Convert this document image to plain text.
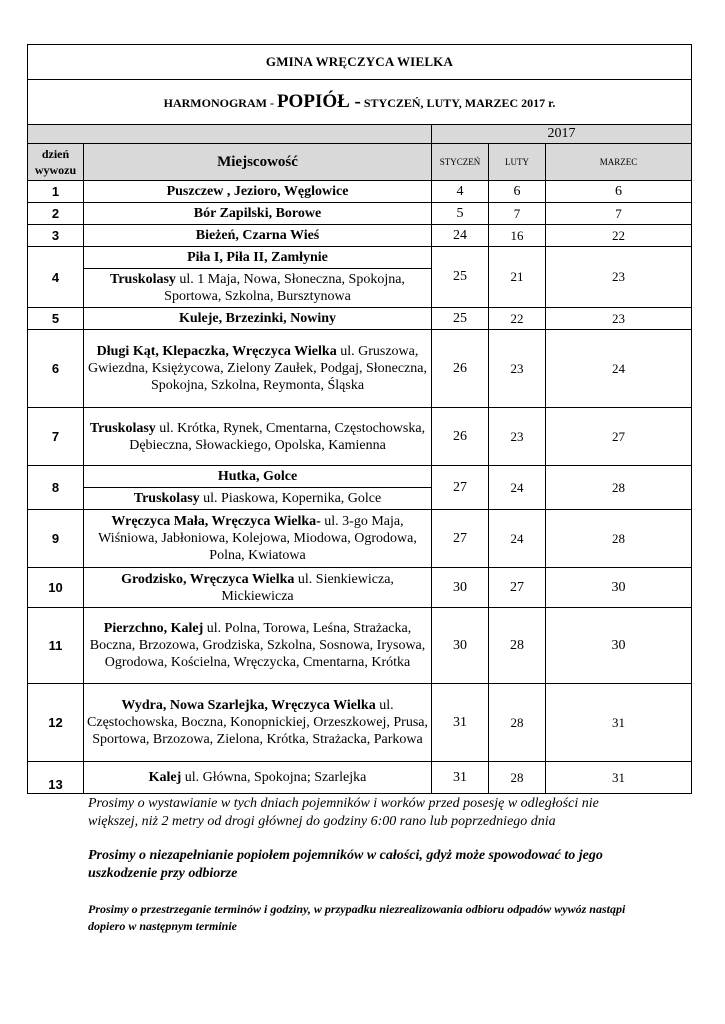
GMINA WRĘCZYCA WIELKA				
HARMONOGRAM - POPIÓŁ - STYCZEŃ, LUTY, MARZEC 2017 r.				
		2017		

dzień
wywozu	Miejscowość	STYCZEŃ	LUTY	MARZEC
1	Puszczew , Jezioro, Węglowice	4	6	6
2	Bór Zapilski, Borowe	5	7	7
3	Bieżeń, Czarna Wieś	24	16	22
4	Piła I, Piła II, Zamłynie	25	21	23
	Truskolasy ul. 1 Maja, Nowa, Słoneczna, Spokojna, Sportowa, Szkolna, Bursztynowa			
5	Kuleje, Brzezinki, Nowiny	25	22	23
6	Długi Kąt, Klepaczka, Wręczyca Wielka ul. Gruszowa, Gwiezdna, Księżycowa, Zielony Zaułek, Podgaj, Słoneczna, Spokojna, Szkolna, Reymonta, Śląska	26	23	24
7	Truskolasy ul. Krótka, Rynek, Cmentarna, Częstochowska, Dębieczna, Słowackiego, Opolska, Kamienna	26	23	27
8	Hutka, Golce	27	24	28
	Truskolasy ul. Piaskowa, Kopernika, Golce			
9	Wręczyca Mała, Wręczyca Wielka- ul. 3-go Maja, Wiśniowa, Jabłoniowa, Kolejowa, Miodowa, Ogrodowa, Polna, Kwiatowa	27	24	28
10	Grodzisko, Wręczyca Wielka ul. Sienkiewicza, Mickiewicza	30	27	30
11	Pierzchno, Kalej ul. Polna, Torowa, Leśna, Strażacka, Boczna, Brzozowa, Grodziska, Szkolna, Sosnowa, Irysowa, Ogrodowa, Kościelna, Wręczycka, Cmentarna, Krótka	30	28	30
12	Wydra, Nowa Szarlejka, Wręczyca Wielka ul. Częstochowska, Boczna, Konopnickiej, Orzeszkowej, Prusa, Sportowa, Brzozowa, Zielona, Krótka, Strażacka, Parkowa	31	28	31
13	Kalej ul. Główna, Spokojna; Szarlejka	31	28	31

Prosimy o wystawianie w tych dniach pojemników i worków przed posesję w odległości nie większej, niż 2 metry od drogi głównej do godziny 6:00 rano lub poprzedniego dnia

Prosimy o niezapełnianie popiołem pojemników w całości, gdyż może spowodować to jego uszkodzenie przy odbiorze

Prosimy o przestrzeganie terminów i godziny, w przypadku niezrealizowania odbioru odpadów wywóz nastąpi dopiero w następnym terminie
